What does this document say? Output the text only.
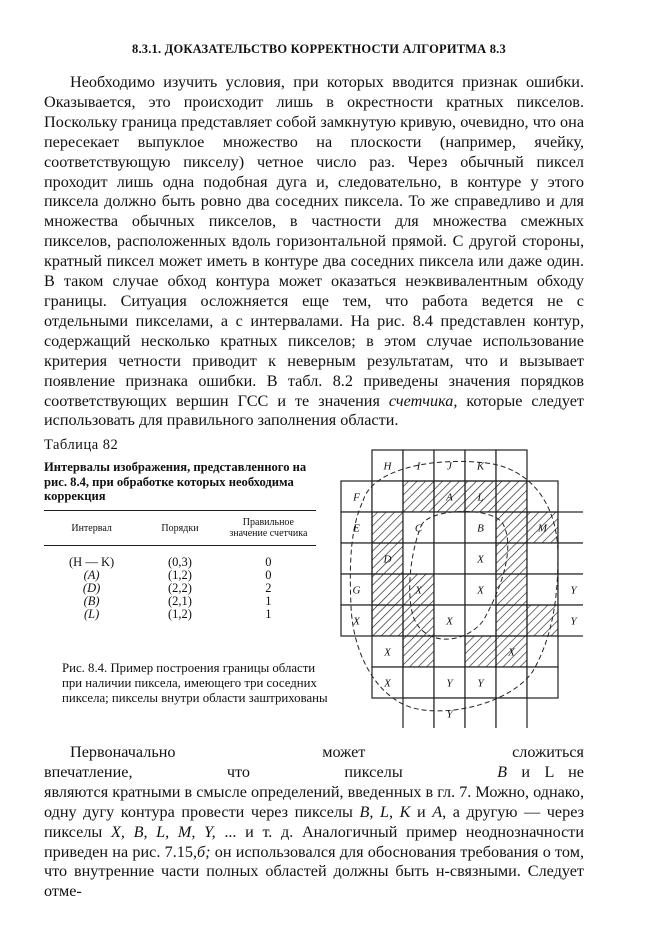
8.3.1. ДОКАЗАТЕЛЬСТВО КОРРЕКТНОСТИ АЛГОРИТМА 8.3

Необходимо изучить условия, при которых вводится признак ошибки. Оказывается, это происходит лишь в окрестности кратных пикселов. Поскольку граница представляет собой замкнутую кривую, очевидно, что она пересекает выпуклое множество на плоскости (например, ячейку, соответствующую пикселу) четное число раз. Через обычный пиксел проходит лишь одна подобная дуга и, следовательно, в контуре у этого пиксела должно быть ровно два соседних пиксела. То же справедливо и для множества обычных пикселов, в частности для множества смежных пикселов, расположенных вдоль горизонтальной прямой. С другой стороны, кратный пиксел может иметь в контуре два соседних пиксела или даже один. В таком случае обход контура может оказаться неэквивалентным обходу границы. Ситуация осложняется еще тем, что работа ведется не с отдельными пикселами, а с интервалами. На рис. 8.4 представлен контур, содержащий несколько кратных пикселов; в этом случае использование критерия четности приводит к неверным результатам, что и вызывает появление признака ошибки. В табл. 8.2 приведены значения порядков соответствующих вершин ГСС и те значения счетчика, которые следует использовать для правильного заполнения области.

Таблица 82
Интервалы изображения, представленного на рис. 8.4, при обработке которых необходима коррекция
Интервал	Порядки	Правильное значение счетчика
(H — K)	(0,3)	0
(A)	(1,2)	0
(D)	(2,2)	2
(B)	(2,1)	1
(L)	(1,2)	1
Рис. 8.4. Пример построения границы области при наличии пиксела, имеющего три соседних пиксела; пикселы внутри области заштрихованы
H I J K
F	A L
E	C	B	M
D	X
G	X	X	Y
X	X	Y
X	X
X	Y Y
Y

Первоначально может сложиться впечатление, что пикселы B и L не являются кратными в смысле определений, введенных в гл. 7. Можно, однако, одну дугу контура провести через пикселы B, L, K и A, а другую — через пикселы X, B, L, M, Y, ... и т. д. Аналогичный пример неоднозначности приведен на рис. 7.15,б; он использовался для обоснования требования о том, что внутренние части полных областей должны быть н-связными. Следует отме-
